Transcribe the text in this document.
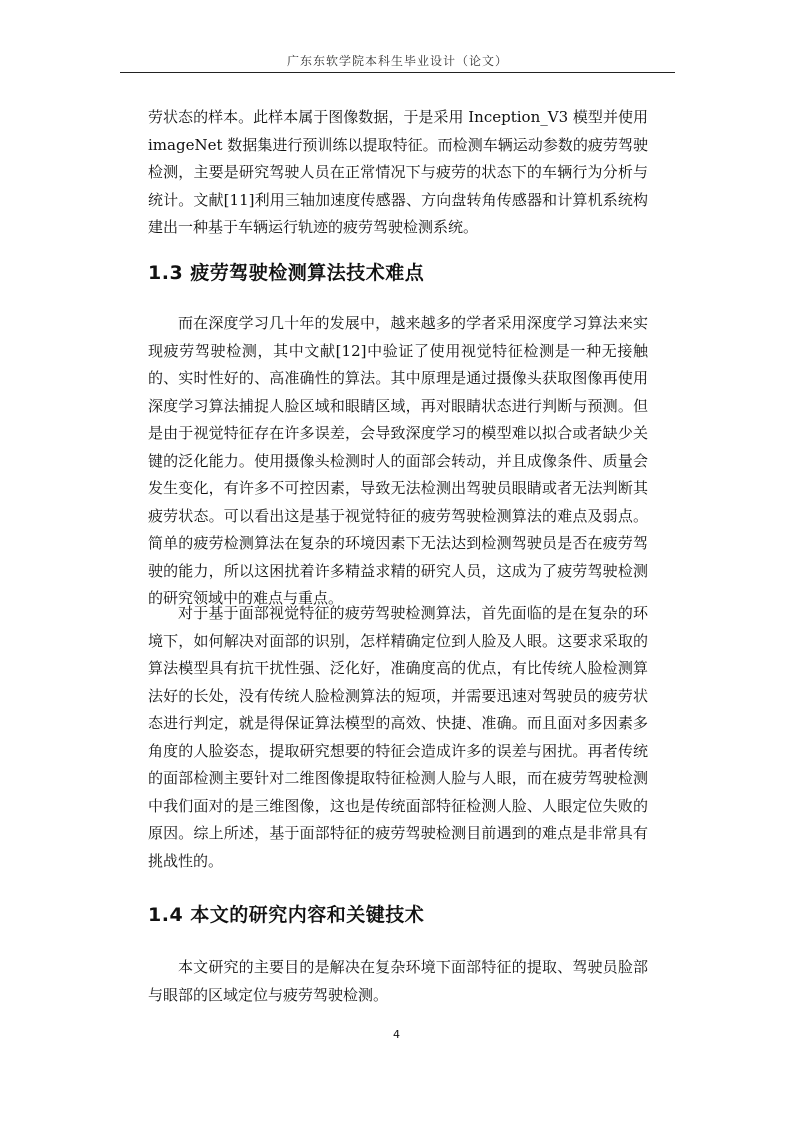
广东东软学院本科生毕业设计（论文）

劳状态的样本。此样本属于图像数据，于是采用 Inception_V3 模型并使用 imageNet 数据集进行预训练以提取特征。而检测车辆运动参数的疲劳驾驶检测，主要是研究驾驶人员在正常情况下与疲劳的状态下的车辆行为分析与统计。文献[11]利用三轴加速度传感器、方向盘转角传感器和计算机系统构建出一种基于车辆运行轨迹的疲劳驾驶检测系统。

1.3 疲劳驾驶检测算法技术难点

而在深度学习几十年的发展中，越来越多的学者采用深度学习算法来实现疲劳驾驶检测，其中文献[12]中验证了使用视觉特征检测是一种无接触的、实时性好的、高准确性的算法。其中原理是通过摄像头获取图像再使用深度学习算法捕捉人脸区域和眼睛区域，再对眼睛状态进行判断与预测。但是由于视觉特征存在许多误差，会导致深度学习的模型难以拟合或者缺少关键的泛化能力。使用摄像头检测时人的面部会转动，并且成像条件、质量会发生变化，有许多不可控因素，导致无法检测出驾驶员眼睛或者无法判断其疲劳状态。可以看出这是基于视觉特征的疲劳驾驶检测算法的难点及弱点。简单的疲劳检测算法在复杂的环境因素下无法达到检测驾驶员是否在疲劳驾驶的能力，所以这困扰着许多精益求精的研究人员，这成为了疲劳驾驶检测的研究领域中的难点与重点。

对于基于面部视觉特征的疲劳驾驶检测算法，首先面临的是在复杂的环境下，如何解决对面部的识别，怎样精确定位到人脸及人眼。这要求采取的算法模型具有抗干扰性强、泛化好，准确度高的优点，有比传统人脸检测算法好的长处，没有传统人脸检测算法的短项，并需要迅速对驾驶员的疲劳状态进行判定，就是得保证算法模型的高效、快捷、准确。而且面对多因素多角度的人脸姿态，提取研究想要的特征会造成许多的误差与困扰。再者传统的面部检测主要针对二维图像提取特征检测人脸与人眼，而在疲劳驾驶检测中我们面对的是三维图像，这也是传统面部特征检测人脸、人眼定位失败的原因。综上所述，基于面部特征的疲劳驾驶检测目前遇到的难点是非常具有挑战性的。

1.4 本文的研究内容和关键技术

本文研究的主要目的是解决在复杂环境下面部特征的提取、驾驶员脸部与眼部的区域定位与疲劳驾驶检测。

4
